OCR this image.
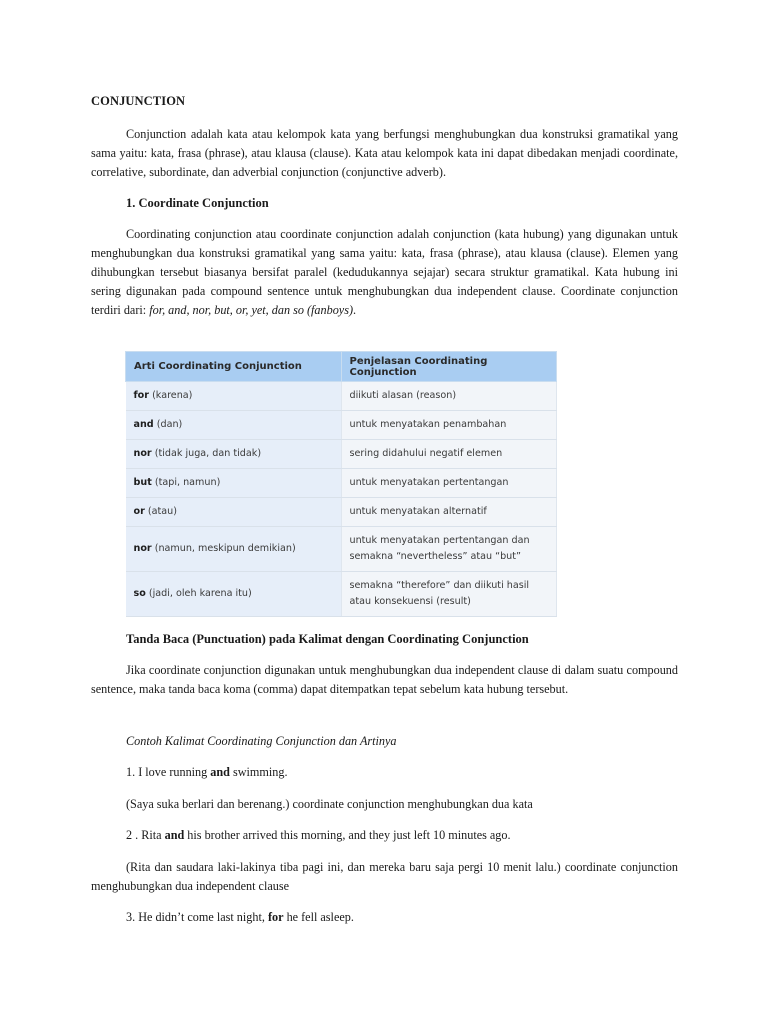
CONJUNCTION
Conjunction adalah kata atau kelompok kata yang berfungsi menghubungkan dua konstruksi gramatikal yang sama yaitu: kata, frasa (phrase), atau klausa (clause). Kata atau kelompok kata ini dapat dibedakan menjadi coordinate, correlative, subordinate, dan adverbial conjunction (conjunctive adverb).
1. Coordinate Conjunction
Coordinating conjunction atau coordinate conjunction adalah conjunction (kata hubung) yang digunakan untuk menghubungkan dua konstruksi gramatikal yang sama yaitu: kata, frasa (phrase), atau klausa (clause). Elemen yang dihubungkan tersebut biasanya bersifat paralel (kedudukannya sejajar) secara struktur gramatikal. Kata hubung ini sering digunakan pada compound sentence untuk menghubungkan dua independent clause. Coordinate conjunction terdiri dari: for, and, nor, but, or, yet, dan so (fanboys).
Arti Coordinating Conjunction	Penjelasan Coordinating Conjunction
for (karena)	diikuti alasan (reason)
and (dan)	untuk menyatakan penambahan
nor (tidak juga, dan tidak)	sering didahului negatif elemen
but (tapi, namun)	untuk menyatakan pertentangan
or (atau)	untuk menyatakan alternatif
nor (namun, meskipun demikian)	untuk menyatakan pertentangan dan semakna “nevertheless” atau “but”
so (jadi, oleh karena itu)	semakna “therefore” dan diikuti hasil atau konsekuensi (result)
Tanda Baca (Punctuation) pada Kalimat dengan Coordinating Conjunction
Jika coordinate conjunction digunakan untuk menghubungkan dua independent clause di dalam suatu compound sentence, maka tanda baca koma (comma) dapat ditempatkan tepat sebelum kata hubung tersebut.
Contoh Kalimat Coordinating Conjunction dan Artinya
1. I love running and swimming.
(Saya suka berlari dan berenang.) coordinate conjunction menghubungkan dua kata
2 . Rita and his brother arrived this morning, and they just left 10 minutes ago.
(Rita dan saudara laki-lakinya tiba pagi ini, dan mereka baru saja pergi 10 menit lalu.) coordinate conjunction menghubungkan dua independent clause
3. He didn’t come last night, for he fell asleep.
